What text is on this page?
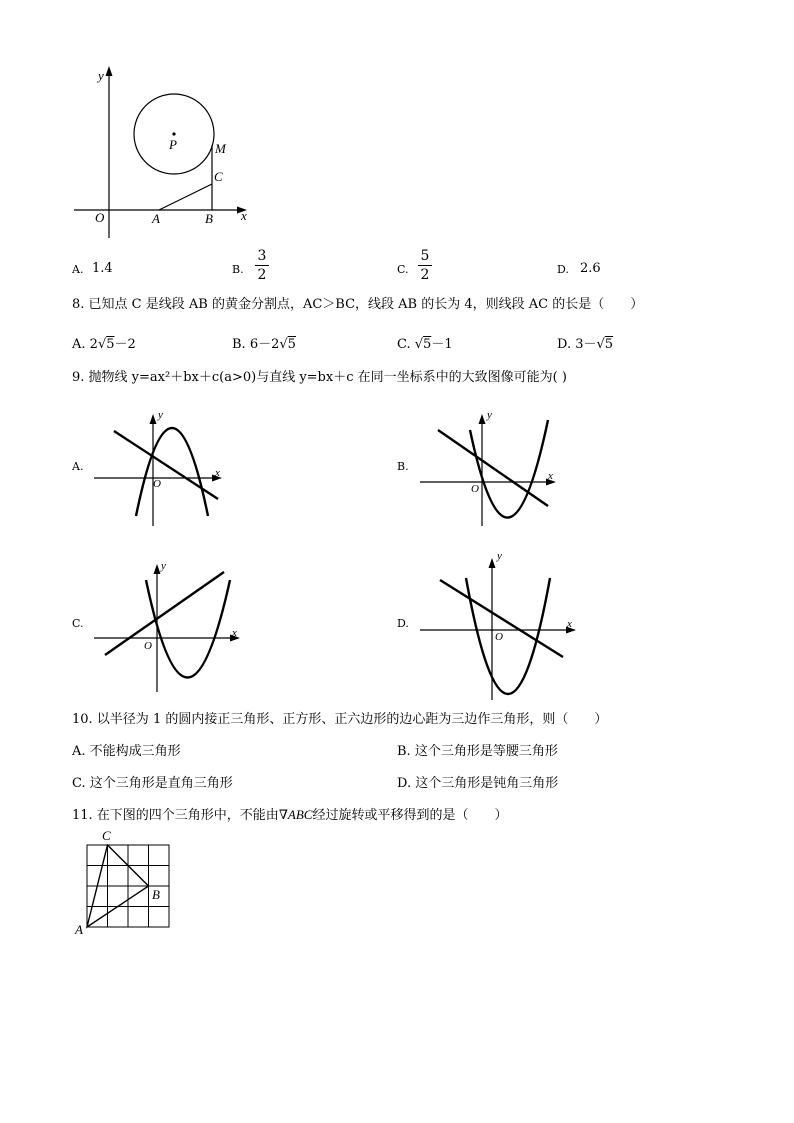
y
x
O
P	M
C
A	B
A. 1.4	B.
3
2	C.
5
2	D. 2.6
8. 已知点 C 是线段 AB 的黄金分割点，AC＞BC，线段 AB 的长为 4，则线段 AC 的长是（　　）
A. 2√5－2	B. 6－2√5	C. √5－1	D. 3－√5
9. 抛物线 y=ax²＋bx＋c(a>0)与直线 y=bx＋c 在同一坐标系中的大致图像可能为( )
A.
y
x
O
B.
y
x
O
C.
y
x
O
D.
y
x
O
10. 以半径为 1 的圆内接正三角形、正方形、正六边形的边心距为三边作三角形，则（　　）
A. 不能构成三角形	B. 这个三角形是等腰三角形
C. 这个三角形是直角三角形	D. 这个三角形是钝角三角形
11. 在下图的四个三角形中，不能由∇ABC经过旋转或平移得到的是（　　）
C
B
A
